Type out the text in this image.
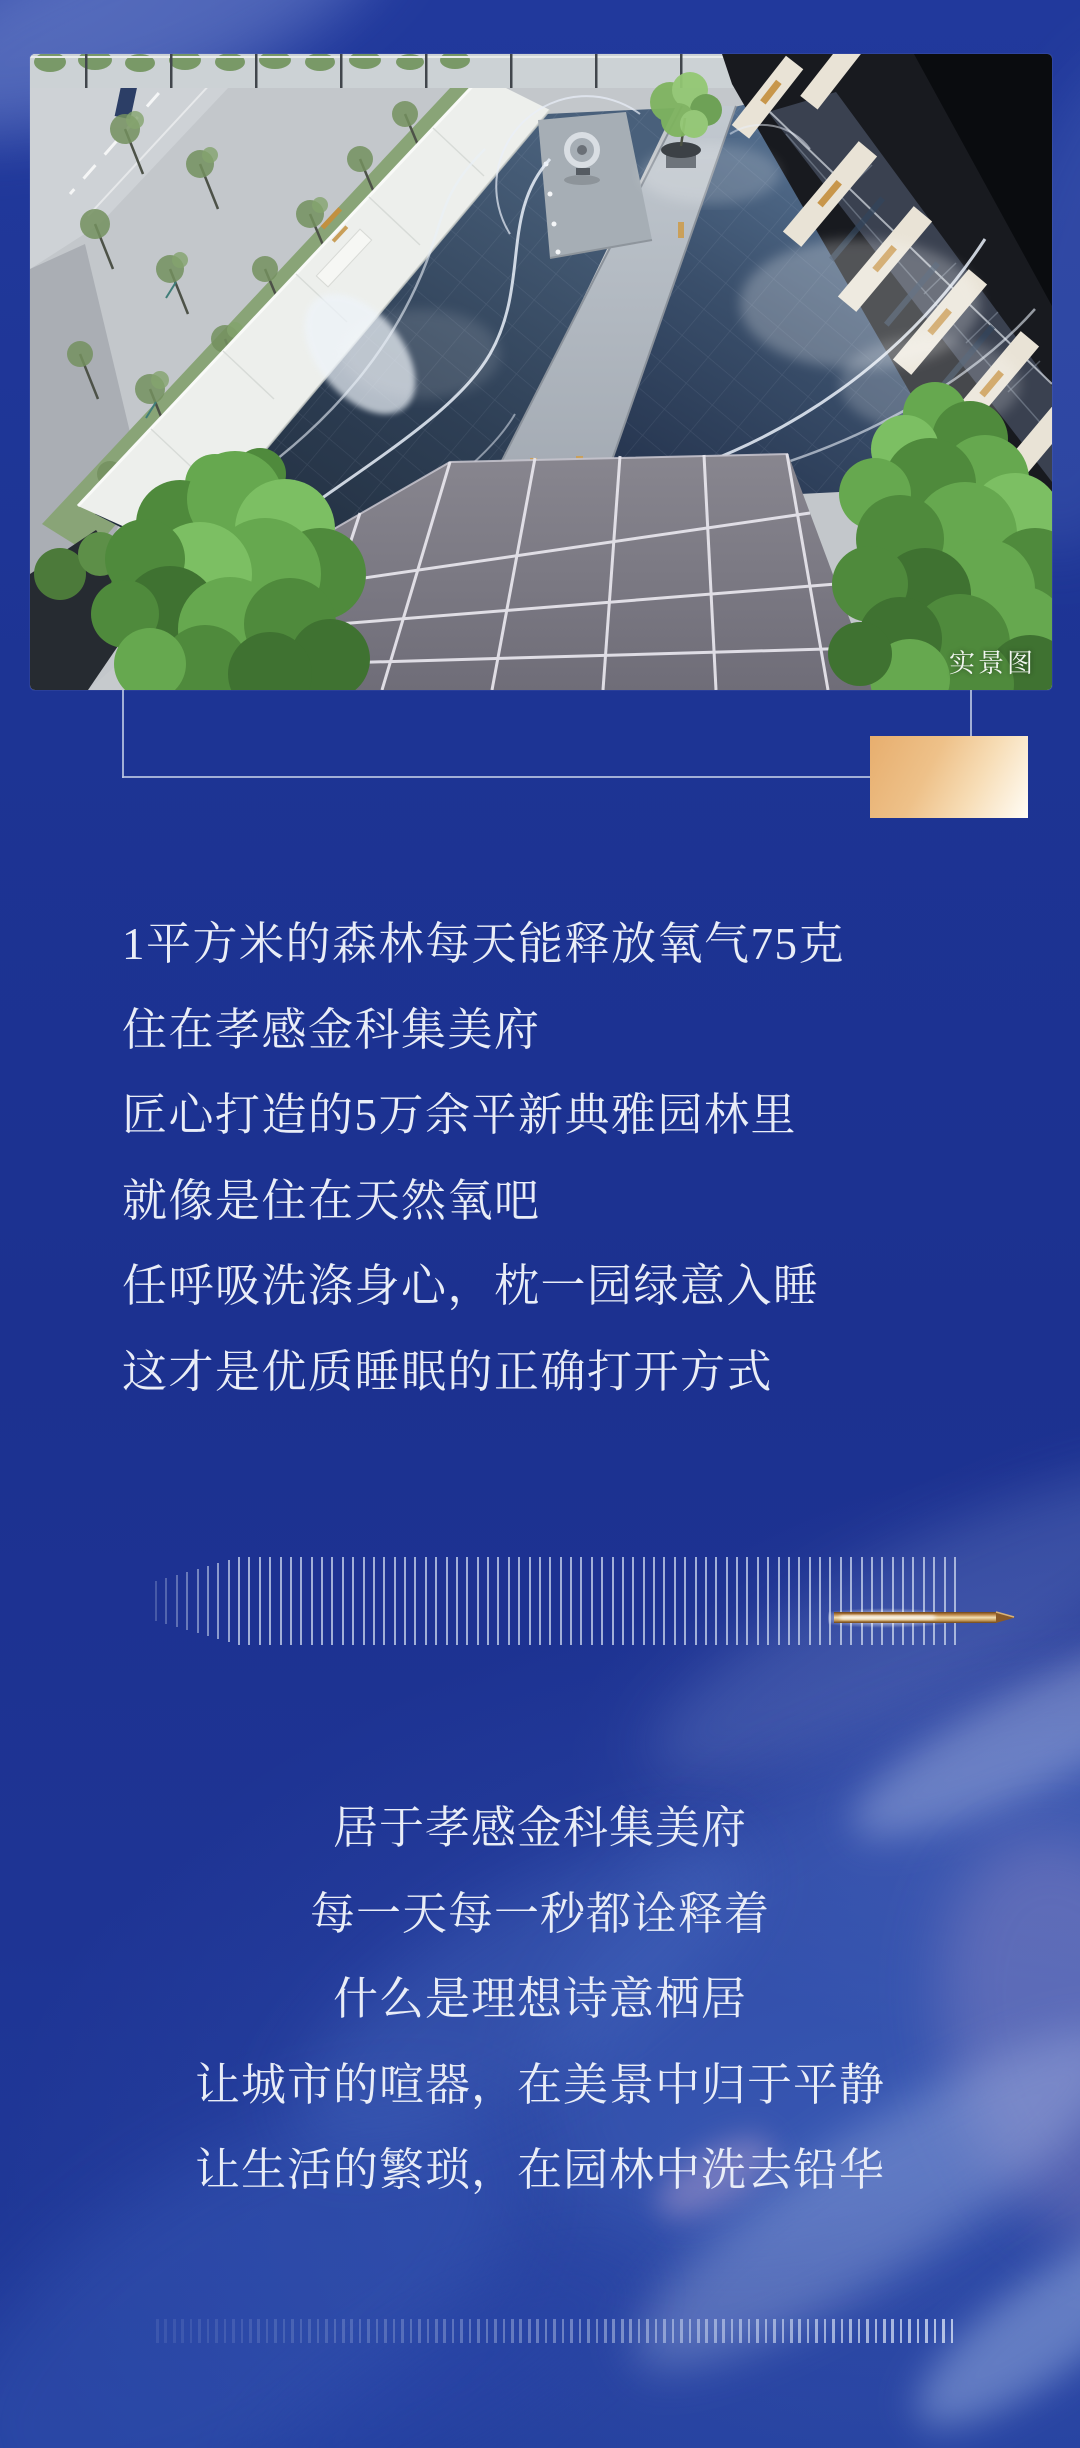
实景图

1平方米的森林每天能释放氧气75克

住在孝感金科集美府

匠心打造的5万余平新典雅园林里

就像是住在天然氧吧

任呼吸洗涤身心，枕一园绿意入睡

这才是优质睡眠的正确打开方式

居于孝感金科集美府

每一天每一秒都诠释着

什么是理想诗意栖居

让城市的喧器，在美景中归于平静

让生活的繁琐，在园林中洗去铅华
